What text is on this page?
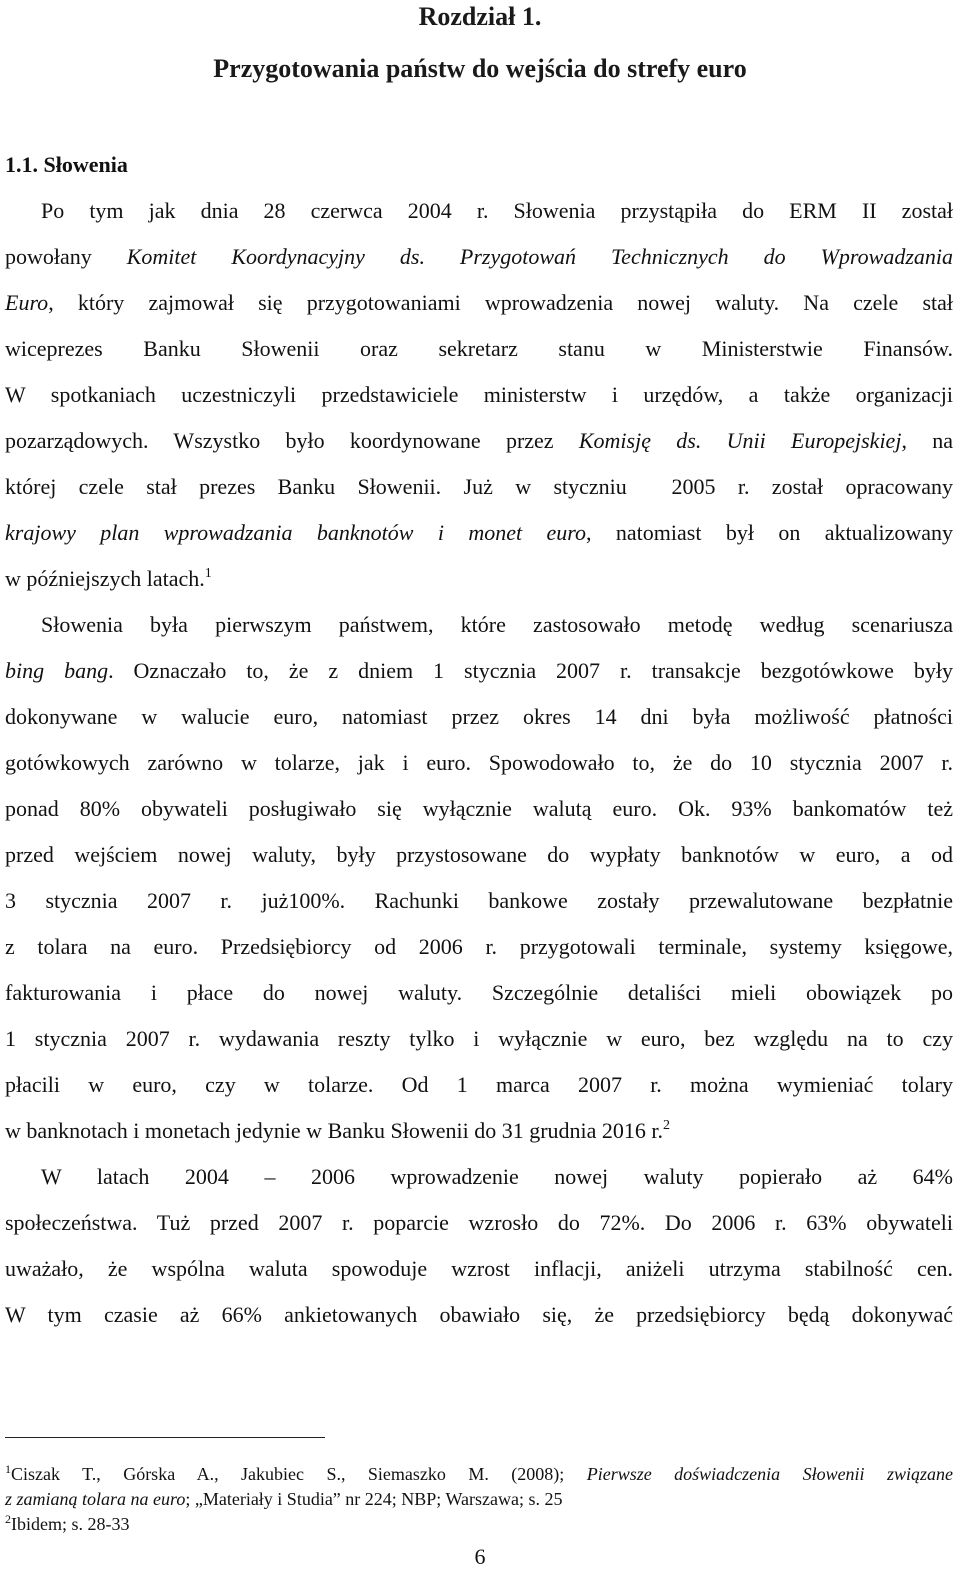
Rozdział 1.
Przygotowania państw do wejścia do strefy euro
1.1. Słowenia
Po tym jak dnia 28 czerwca 2004 r. Słowenia przystąpiła do ERM II został
powołany Komitet Koordynacyjny ds. Przygotowań Technicznych do Wprowadzania
Euro, który zajmował się przygotowaniami wprowadzenia nowej waluty. Na czele stał
wiceprezes Banku Słowenii oraz sekretarz stanu w Ministerstwie Finansów.
W spotkaniach uczestniczyli przedstawiciele ministerstw i urzędów, a także organizacji
pozarządowych. Wszystko było koordynowane przez Komisję ds. Unii Europejskiej, na
której czele stał prezes Banku Słowenii. Już w styczniu  2005 r. został opracowany
krajowy plan wprowadzania banknotów i monet euro, natomiast był on aktualizowany
w późniejszych latach.$^1$
Słowenia była pierwszym państwem, które zastosowało metodę według scenariusza
bing bang. Oznaczało to, że z dniem 1 stycznia 2007 r. transakcje bezgotówkowe były
dokonywane w walucie euro, natomiast przez okres 14 dni była możliwość płatności
gotówkowych zarówno w tolarze, jak i euro. Spowodowało to, że do 10 stycznia 2007 r.
ponad 80% obywateli posługiwało się wyłącznie walutą euro. Ok. 93% bankomatów też
przed wejściem nowej waluty, były przystosowane do wypłaty banknotów w euro, a od
3 stycznia 2007 r. już100%. Rachunki bankowe zostały przewalutowane bezpłatnie
z tolara na euro. Przedsiębiorcy od 2006 r. przygotowali terminale, systemy księgowe,
fakturowania i płace do nowej waluty. Szczególnie detaliści mieli obowiązek po
1 stycznia 2007 r. wydawania reszty tylko i wyłącznie w euro, bez względu na to czy
płacili w euro, czy w tolarze. Od 1 marca 2007 r. można wymieniać tolary
w banknotach i monetach jedynie w Banku Słowenii do 31 grudnia 2016 r.$^2$
W latach 2004 – 2006 wprowadzenie nowej waluty popierało aż 64%
społeczeństwa. Tuż przed 2007 r. poparcie wzrosło do 72%. Do 2006 r. 63% obywateli
uważało, że wspólna waluta spowoduje wzrost inflacji, aniżeli utrzyma stabilność cen.
W tym czasie aż 66% ankietowanych obawiało się, że przedsiębiorcy będą dokonywać
$^1$Ciszak T., Górska A., Jakubiec S., Siemaszko M. (2008); Pierwsze doświadczenia Słowenii związane
z zamianą tolara na euro; „Materiały i Studia” nr 224; NBP; Warszawa; s. 25
$^2$Ibidem; s. 28-33
6
